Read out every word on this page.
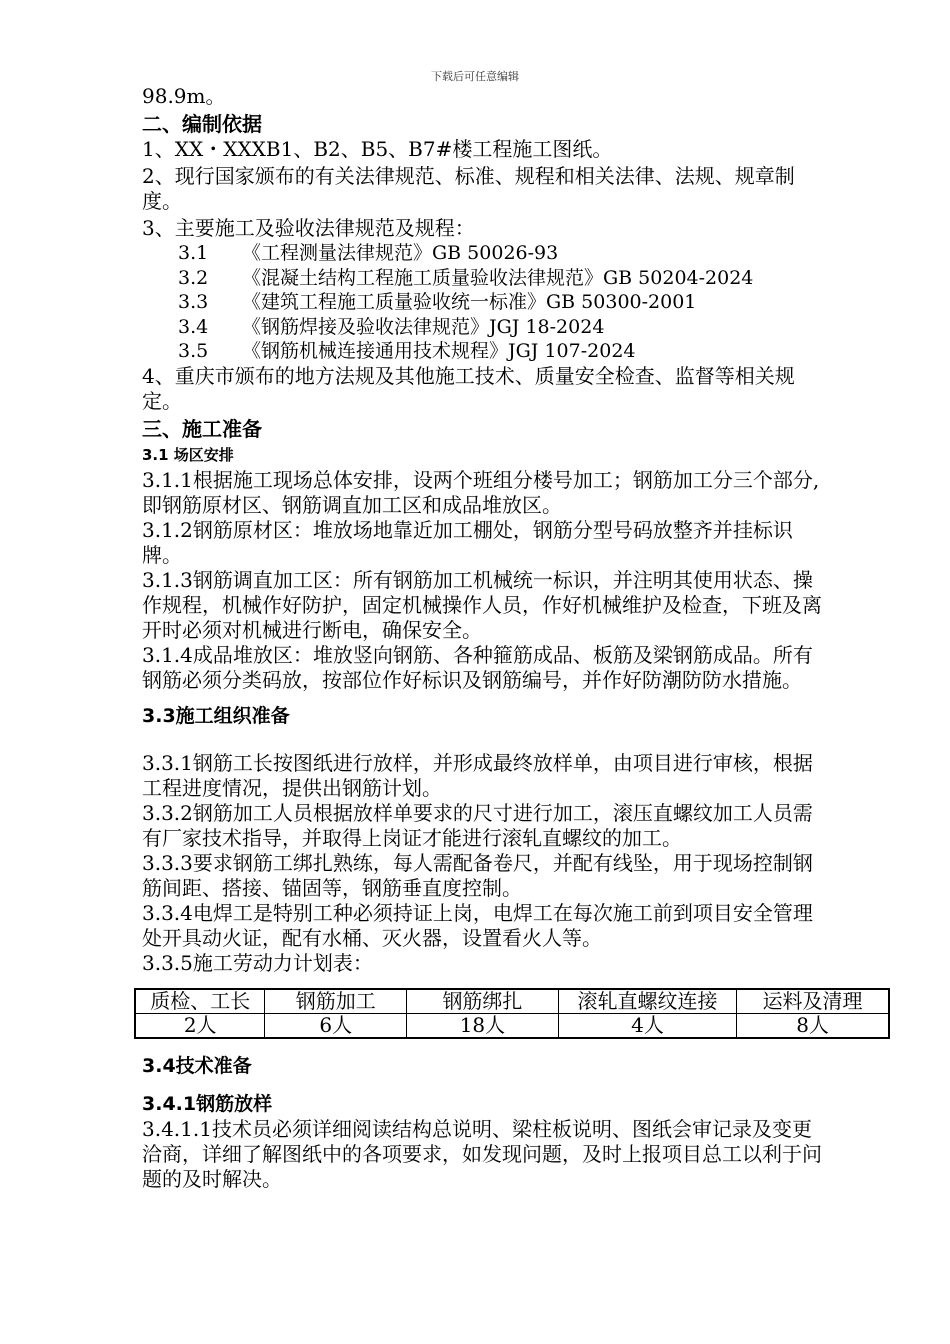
下载后可任意编辑

98.9m。

二、编制依据

1、XX・XXXB1、B2、B5、B7#楼工程施工图纸。

2、现行国家颁布的有关法律规范、标准、规程和相关法律、法规、规章制度。

3、主要施工及验收法律规范及规程：

3.1 《工程测量法律规范》GB 50026-93
3.2 《混凝土结构工程施工质量验收法律规范》GB 50204-2024
3.3 《建筑工程施工质量验收统一标准》GB 50300-2001
3.4 《钢筋焊接及验收法律规范》JGJ 18-2024
3.5 《钢筋机械连接通用技术规程》JGJ 107-2024

4、重庆市颁布的地方法规及其他施工技术、质量安全检查、监督等相关规定。

三、施工准备

3.1 场区安排

3.1.1根据施工现场总体安排，设两个班组分楼号加工；钢筋加工分三个部分,即钢筋原材区、钢筋调直加工区和成品堆放区。

3.1.2钢筋原材区：堆放场地靠近加工棚处，钢筋分型号码放整齐并挂标识牌。

3.1.3钢筋调直加工区：所有钢筋加工机械统一标识，并注明其使用状态、操作规程，机械作好防护，固定机械操作人员，作好机械维护及检查，下班及离开时必须对机械进行断电，确保安全。

3.1.4成品堆放区：堆放竖向钢筋、各种箍筋成品、板筋及梁钢筋成品。所有钢筋必须分类码放，按部位作好标识及钢筋编号，并作好防潮防防水措施。

3.3施工组织准备

3.3.1钢筋工长按图纸进行放样，并形成最终放样单，由项目进行审核，根据工程进度情况，提供出钢筋计划。

3.3.2钢筋加工人员根据放样单要求的尺寸进行加工，滚压直螺纹加工人员需有厂家技术指导，并取得上岗证才能进行滚轧直螺纹的加工。

3.3.3要求钢筋工绑扎熟练，每人需配备卷尺，并配有线坠，用于现场控制钢筋间距、搭接、锚固等，钢筋垂直度控制。

3.3.4电焊工是特别工种必须持证上岗，电焊工在每次施工前到项目安全管理处开具动火证，配有水桶、灭火器，设置看火人等。

3.3.5施工劳动力计划表：

质检、工长	钢筋加工	钢筋绑扎	滚轧直螺纹连接	运料及清理
2人	6人	18人	4人	8人

3.4技术准备

3.4.1钢筋放样

3.4.1.1技术员必须详细阅读结构总说明、梁柱板说明、图纸会审记录及变更洽商，详细了解图纸中的各项要求，如发现问题，及时上报项目总工以利于问题的及时解决。
